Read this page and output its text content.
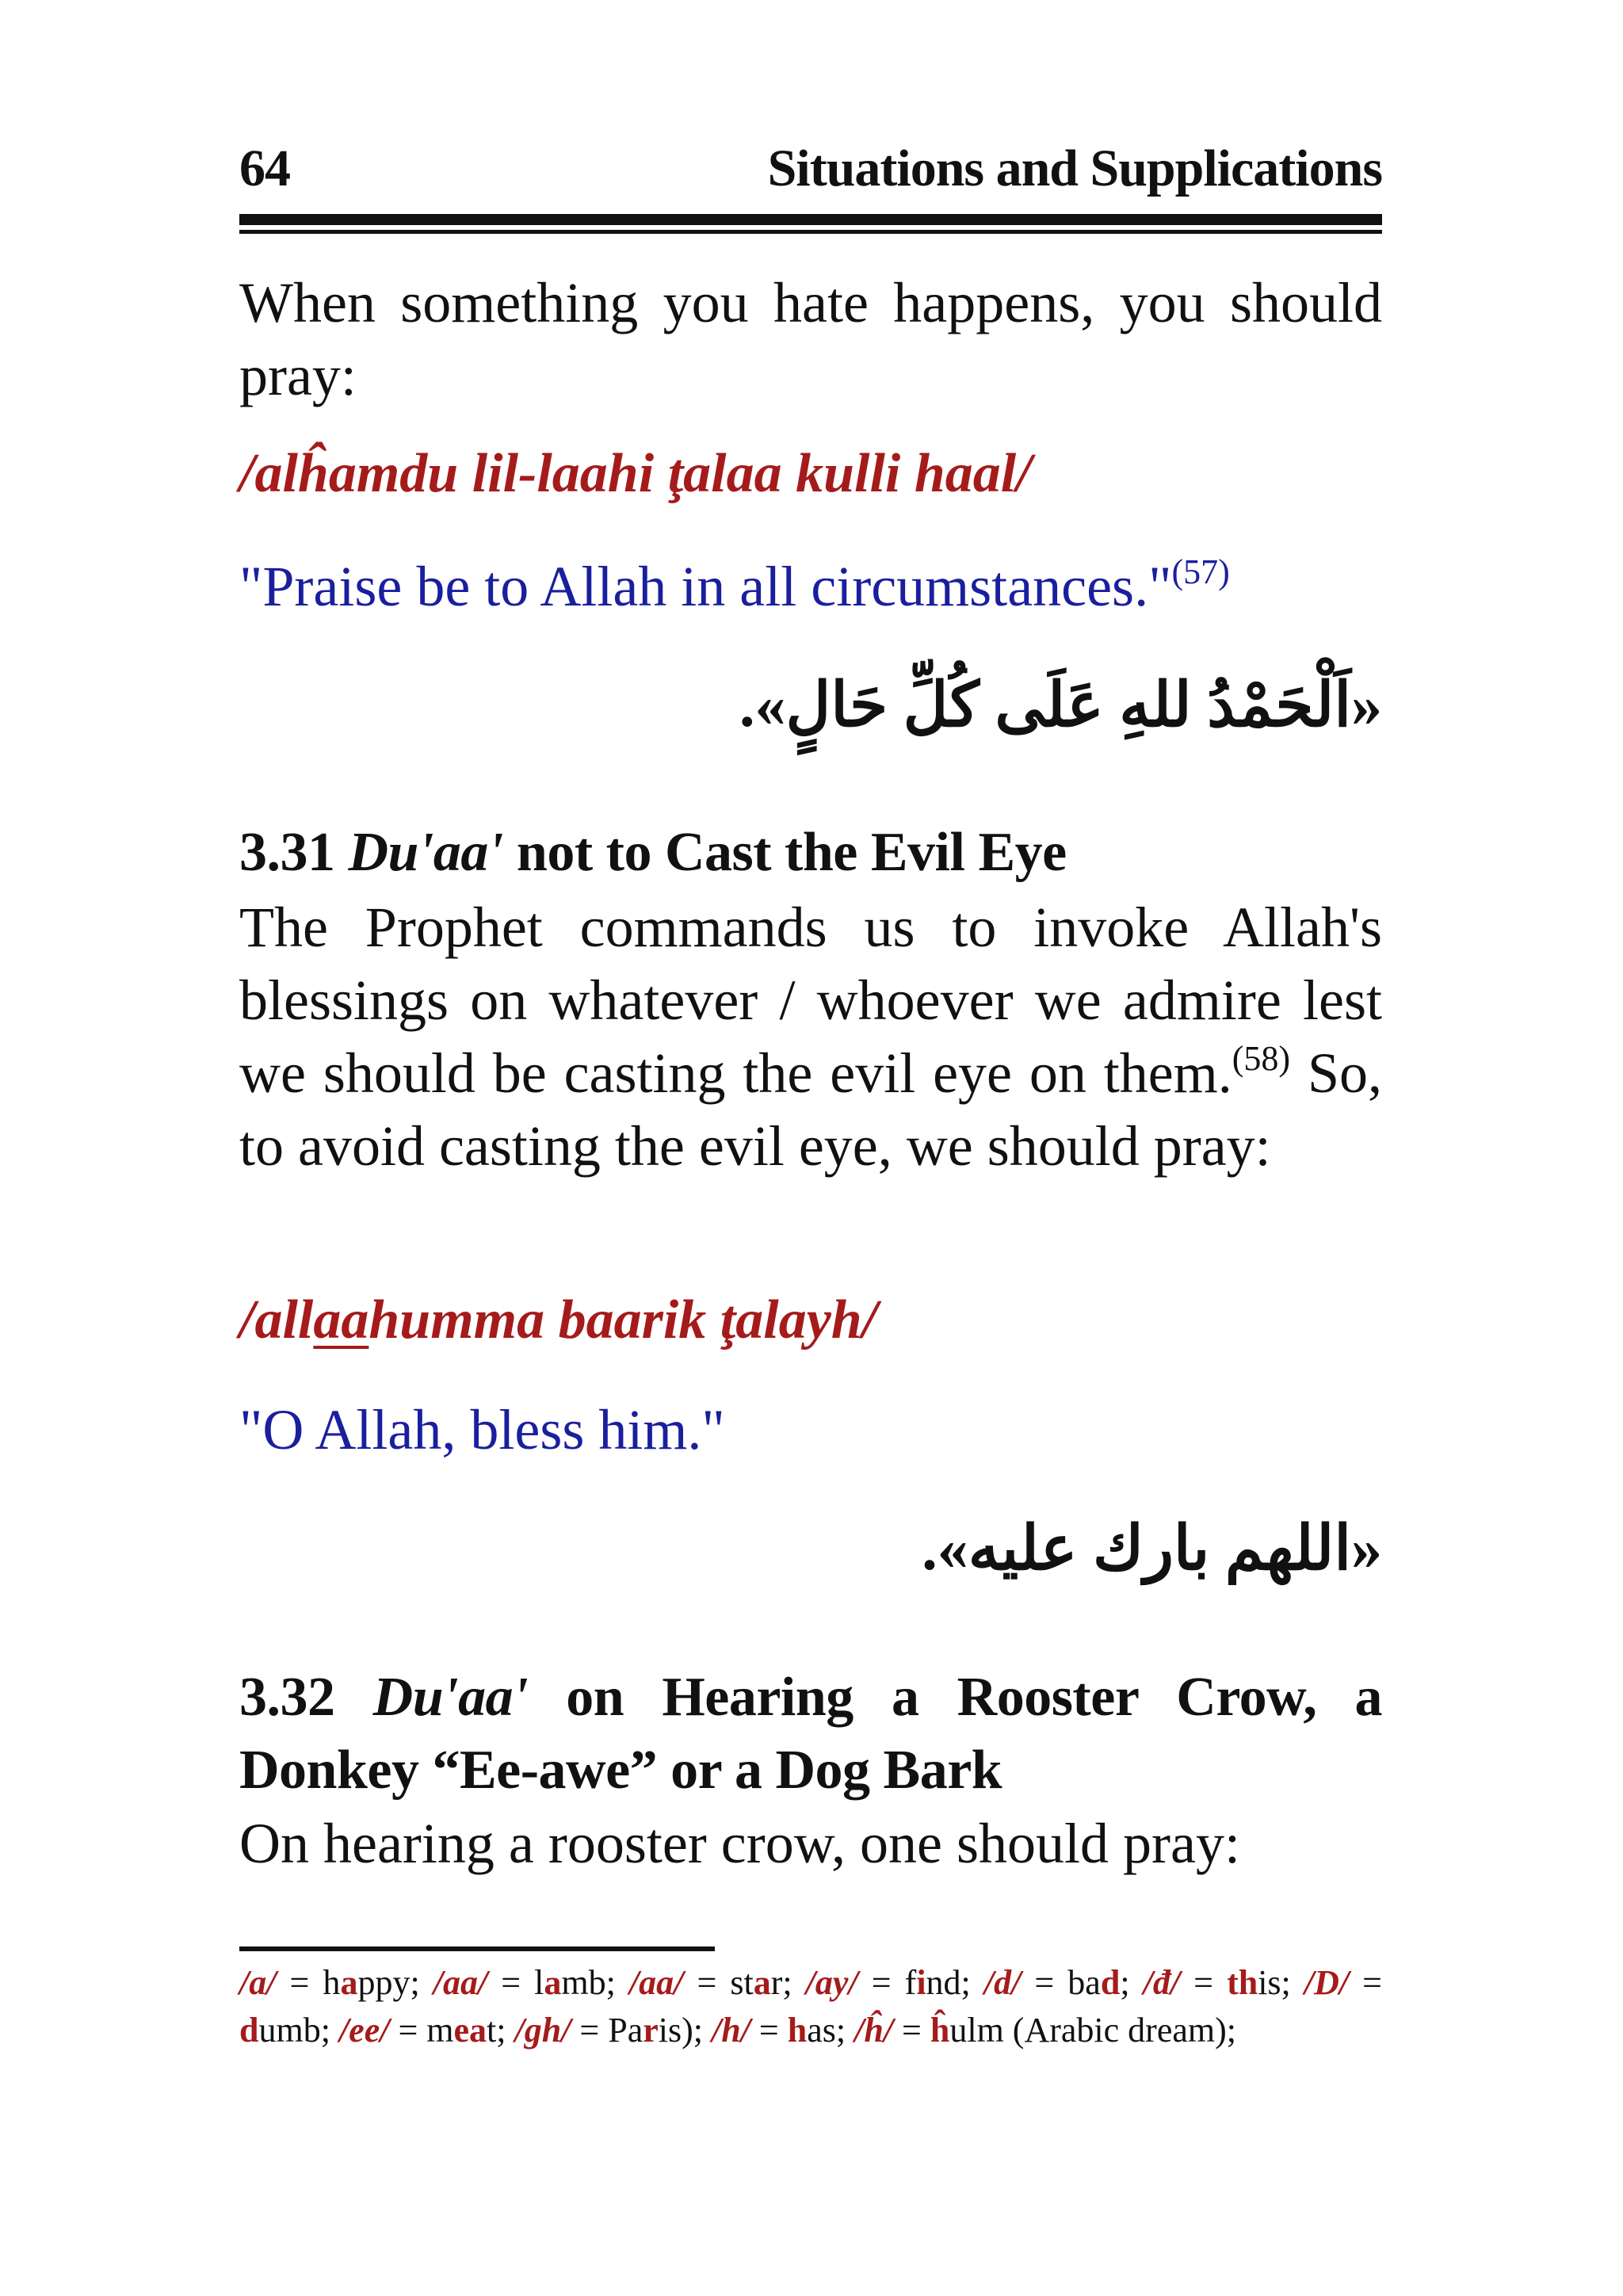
64	Situations and Supplications
When something you hate happens, you should pray:
/alĥamdu lil-laahi ţalaa kulli haal/
"Praise be to Allah in all circumstances."$^{(57)}$
«اَلْحَمْدُ للهِ عَلَى كُلِّ حَالٍ».
3.31 Du'aa' not to Cast the Evil Eye
The Prophet commands us to invoke Allah's blessings on whatever / whoever we admire lest we should be casting the evil eye on them.$^{(58)}$ So, to avoid casting the evil eye, we should pray:
/allaahumma baarik ţalayh/
"O Allah, bless him."
«اللهم بارك عليه».
3.32 Du'aa' on Hearing a Rooster Crow, a Donkey “Ee-awe” or a Dog Bark
On hearing a rooster crow, one should pray:
/a/ = happy; /aa/ = lamb; /aa/ = star; /ay/ = find; /d/ = bad; /đ/ = this; /D/ = dumb; /ee/ = meat; /gh/ = Paris); /h/ = has; /ĥ/ = ĥulm (Arabic dream);
